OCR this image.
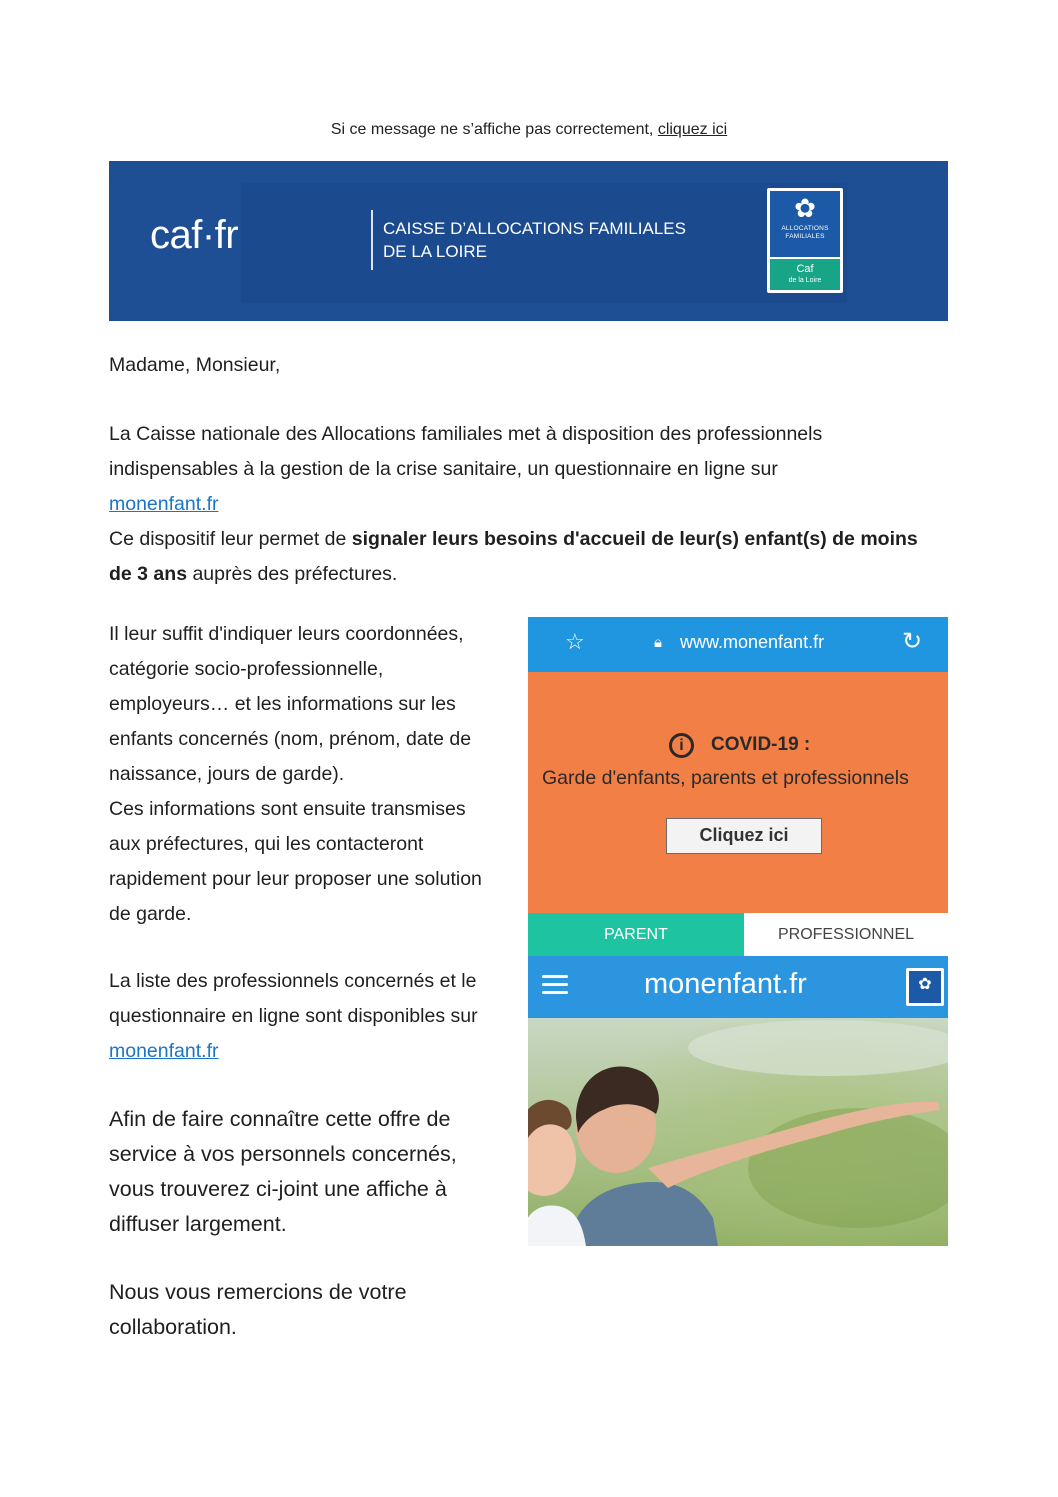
Si ce message ne s’affiche pas correctement, cliquez ici
caf·fr	CAISSE D’ALLOCATIONS FAMILIALES
DE LA LOIRE
✿
ALLOCATIONS
FAMILIALES
Caf
de la Loire
Madame, Monsieur,
La Caisse nationale des Allocations familiales met à disposition des professionnels indispensables à la gestion de la crise sanitaire, un questionnaire en ligne sur
monenfant.fr
Ce dispositif leur permet de signaler leurs besoins d'accueil de leur(s) enfant(s) de moins de 3 ans auprès des préfectures.
Il leur suffit d'indiquer leurs coordonnées,
catégorie socio-professionnelle,
employeurs… et les informations sur les
enfants concernés (nom, prénom, date de
naissance, jours de garde).
Ces informations sont ensuite transmises
aux préfectures, qui les contacteront
rapidement pour leur proposer une solution
de garde.
La liste des professionnels concernés et le
questionnaire en ligne sont disponibles sur
monenfant.fr
Afin de faire connaître cette offre de
service à vos personnels concernés,
vous trouverez ci-joint une affiche à
diffuser largement.
Nous vous remercions de votre
collaboration.
☆	🔒︎ www.monenfant.fr	↻
i	COVID-19 :
Garde d'enfants, parents et professionnels
Cliquez ici
PARENT	PROFESSIONNEL
monenfant.fr	✿
